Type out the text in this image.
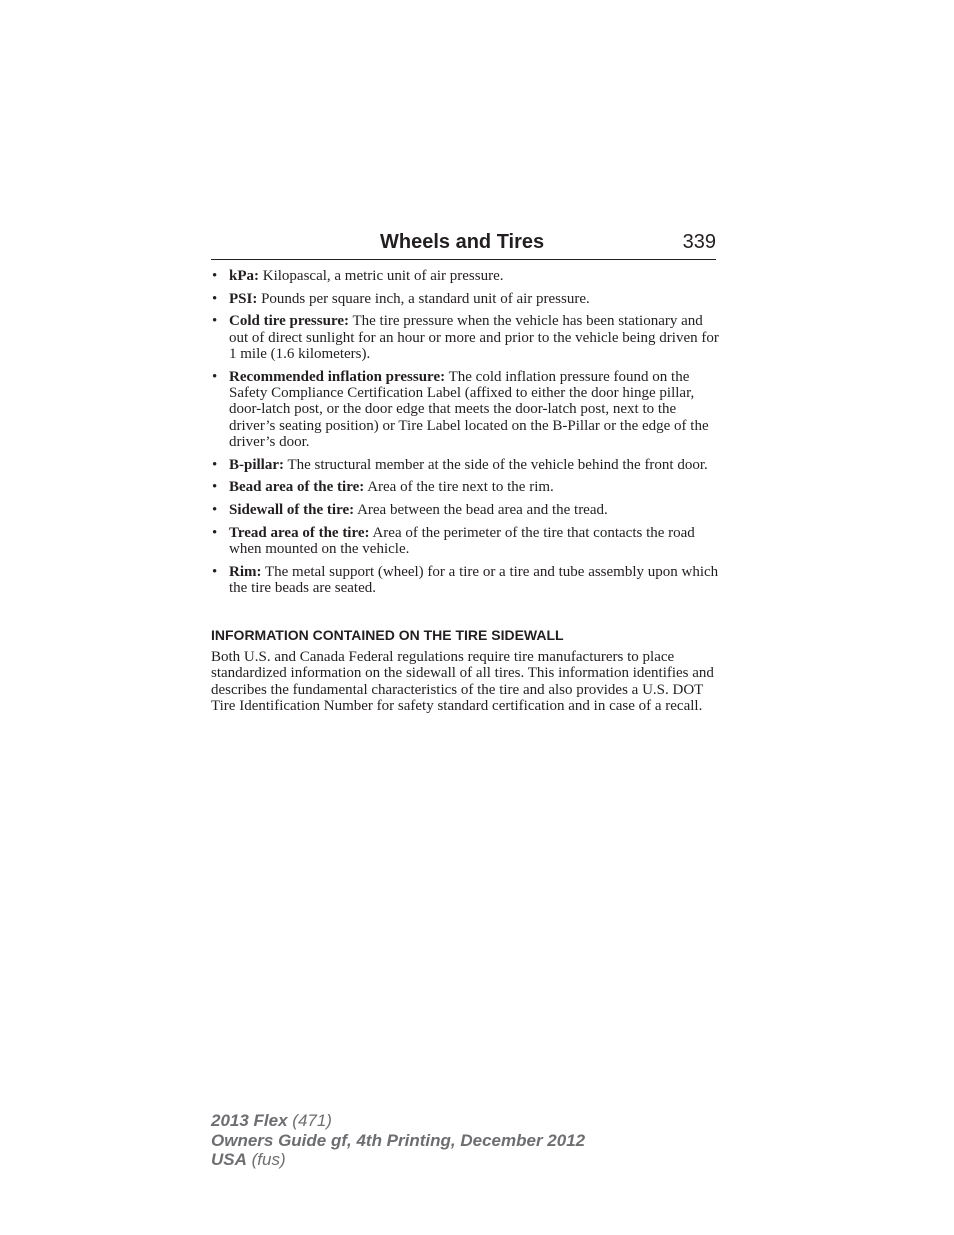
Wheels and Tires	339
• kPa: Kilopascal, a metric unit of air pressure.
• PSI: Pounds per square inch, a standard unit of air pressure.
• Cold tire pressure: The tire pressure when the vehicle has been stationary and out of direct sunlight for an hour or more and prior to the vehicle being driven for 1 mile (1.6 kilometers).
• Recommended inflation pressure: The cold inflation pressure found on the Safety Compliance Certification Label (affixed to either the door hinge pillar, door-latch post, or the door edge that meets the door-latch post, next to the driver’s seating position) or Tire Label located on the B-Pillar or the edge of the driver’s door.
• B-pillar: The structural member at the side of the vehicle behind the front door.
• Bead area of the tire: Area of the tire next to the rim.
• Sidewall of the tire: Area between the bead area and the tread.
• Tread area of the tire: Area of the perimeter of the tire that contacts the road when mounted on the vehicle.
• Rim: The metal support (wheel) for a tire or a tire and tube assembly upon which the tire beads are seated.
INFORMATION CONTAINED ON THE TIRE SIDEWALL

Both U.S. and Canada Federal regulations require tire manufacturers to place standardized information on the sidewall of all tires. This information identifies and describes the fundamental characteristics of the tire and also provides a U.S. DOT Tire Identification Number for safety standard certification and in case of a recall.

2013 Flex (471)
Owners Guide gf, 4th Printing, December 2012
USA (fus)
